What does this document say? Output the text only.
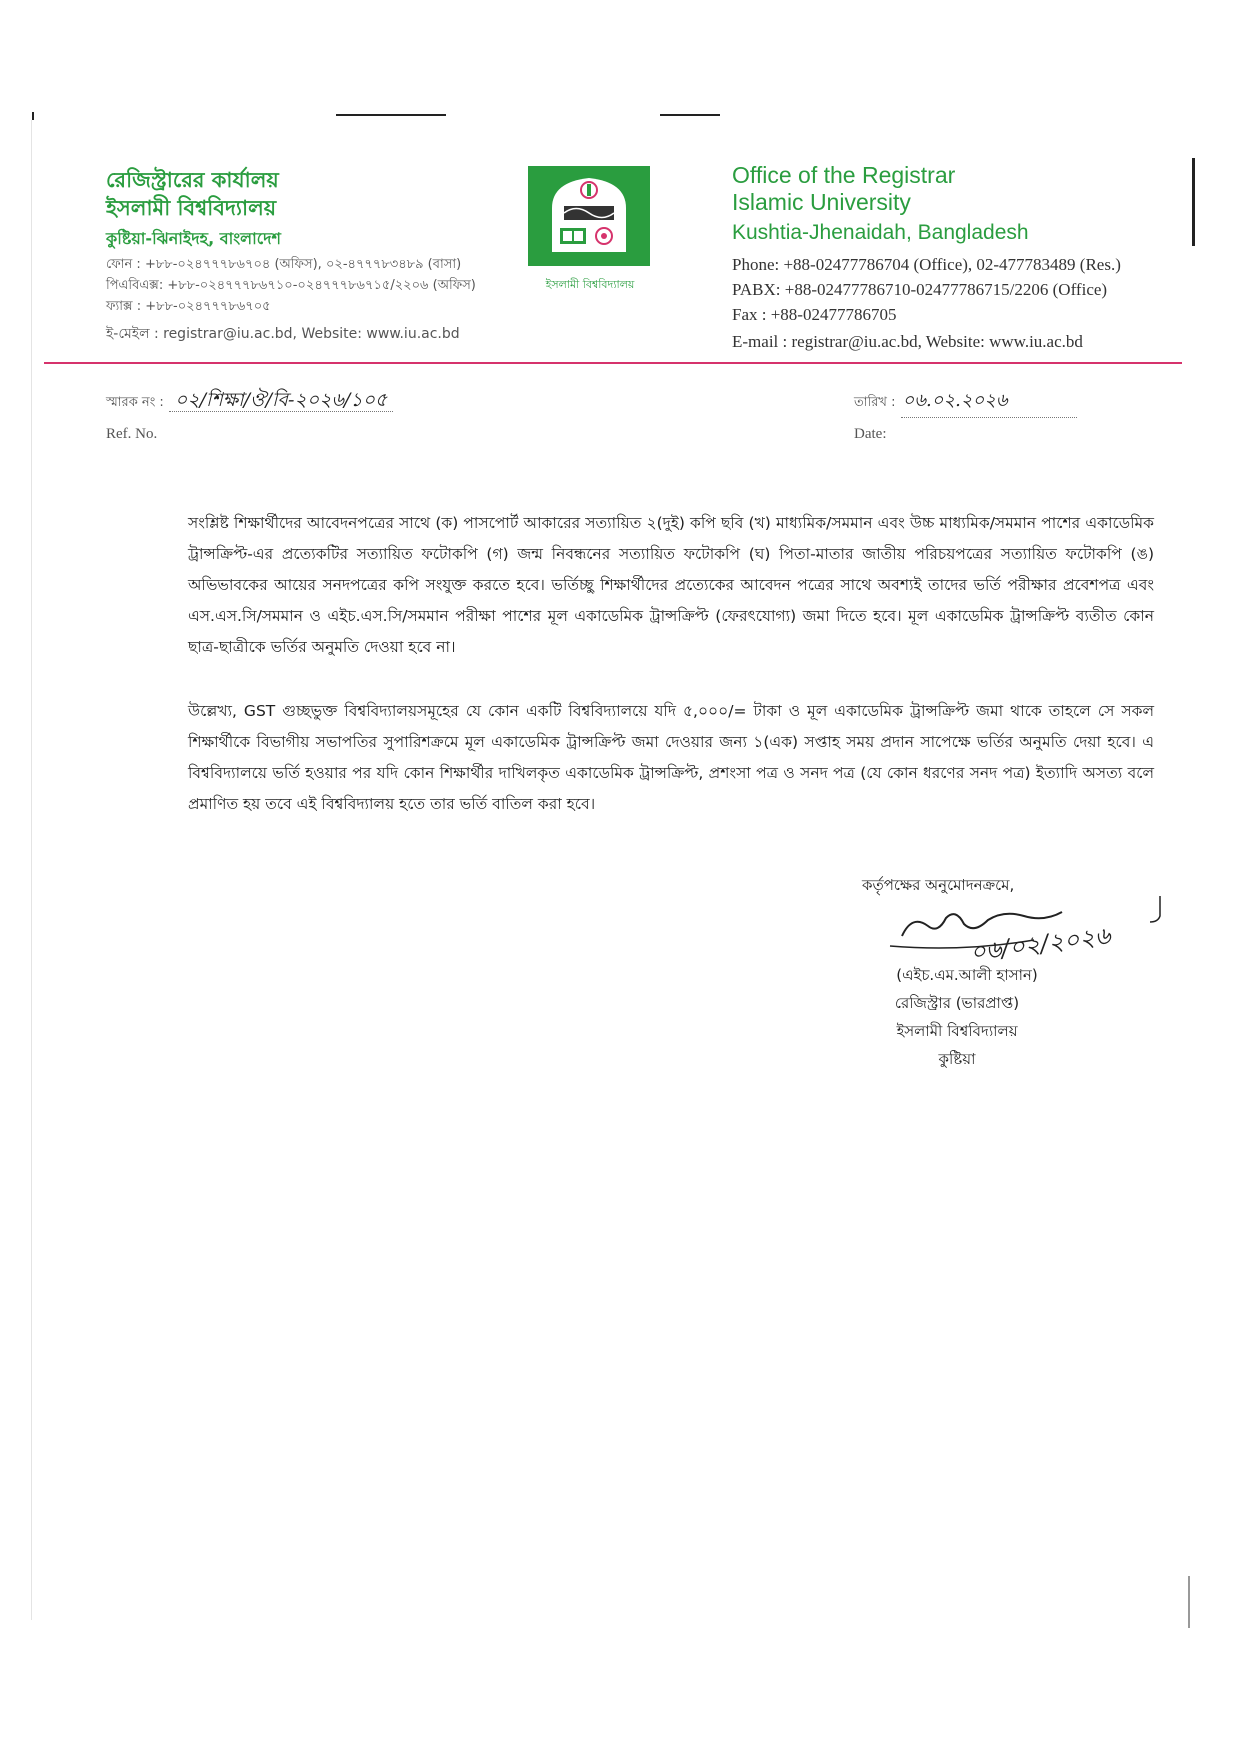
রেজিস্ট্রারের কার্যালয়
ইসলামী বিশ্ববিদ্যালয়
কুষ্টিয়া-ঝিনাইদহ, বাংলাদেশ
ফোন : +৮৮-০২৪৭৭৭৮৬৭০৪ (অফিস), ০২-৪৭৭৭৮৩৪৮৯ (বাসা)
পিএবিএক্স: +৮৮-০২৪৭৭৭৮৬৭১০-০২৪৭৭৭৮৬৭১৫/২২০৬ (অফিস)
ফ্যাক্স : +৮৮-০২৪৭৭৭৮৬৭০৫
ই-মেইল : registrar@iu.ac.bd, Website: www.iu.ac.bd
ইসলামী বিশ্ববিদ্যালয়
Office of the Registrar
Islamic University
Kushtia-Jhenaidah, Bangladesh
Phone: +88-02477786704 (Office), 02-477783489 (Res.)
PABX: +88-02477786710-02477786715/2206 (Office)
Fax : +88-02477786705
E-mail : registrar@iu.ac.bd, Website: www.iu.ac.bd
স্মারক নং : ০২/শিক্ষা/ঔ/বি-২০২৬/১০৫
Ref. No.
তারিখ : ০৬.০২.২০২৬
Date:
সংশ্লিষ্ট শিক্ষার্থীদের আবেদনপত্রের সাথে (ক) পাসপোর্ট আকারের সত্যায়িত ২(দুই) কপি ছবি (খ) মাধ্যমিক/সমমান এবং উচ্চ মাধ্যমিক/সমমান পাশের একাডেমিক ট্রান্সক্রিপ্ট-এর প্রত্যেকটির সত্যায়িত ফটোকপি (গ) জন্ম নিবন্ধনের সত্যায়িত ফটোকপি (ঘ) পিতা-মাতার জাতীয় পরিচয়পত্রের সত্যায়িত ফটোকপি (ঙ) অভিভাবকের আয়ের সনদপত্রের কপি সংযুক্ত করতে হবে। ভর্তিচ্ছু শিক্ষার্থীদের প্রত্যেকের আবেদন পত্রের সাথে অবশ্যই তাদের ভর্তি পরীক্ষার প্রবেশপত্র এবং এস.এস.সি/সমমান ও এইচ.এস.সি/সমমান পরীক্ষা পাশের মূল একাডেমিক ট্রান্সক্রিপ্ট (ফেরৎযোগ্য) জমা দিতে হবে। মূল একাডেমিক ট্রান্সক্রিপ্ট ব্যতীত কোন ছাত্র-ছাত্রীকে ভর্তির অনুমতি দেওয়া হবে না।
উল্লেখ্য, GST গুচ্ছভুক্ত বিশ্ববিদ্যালয়সমূহের যে কোন একটি বিশ্ববিদ্যালয়ে যদি ৫,০০০/= টাকা ও মূল একাডেমিক ট্রান্সক্রিপ্ট জমা থাকে তাহলে সে সকল শিক্ষার্থীকে বিভাগীয় সভাপতির সুপারিশক্রমে মূল একাডেমিক ট্রান্সক্রিপ্ট জমা দেওয়ার জন্য ১(এক) সপ্তাহ সময় প্রদান সাপেক্ষে ভর্তির অনুমতি দেয়া হবে। এ বিশ্ববিদ্যালয়ে ভর্তি হওয়ার পর যদি কোন শিক্ষার্থীর দাখিলকৃত একাডেমিক ট্রান্সক্রিপ্ট, প্রশংসা পত্র ও সনদ পত্র (যে কোন ধরণের সনদ পত্র) ইত্যাদি অসত্য বলে প্রমাণিত হয় তবে এই বিশ্ববিদ্যালয় হতে তার ভর্তি বাতিল করা হবে।
কর্তৃপক্ষের অনুমোদনক্রমে,
০৬/০২/২০২৬
(এইচ.এম.আলী হাসান)
রেজিস্ট্রার (ভারপ্রাপ্ত)
ইসলামী বিশ্ববিদ্যালয়
কুষ্টিয়া
